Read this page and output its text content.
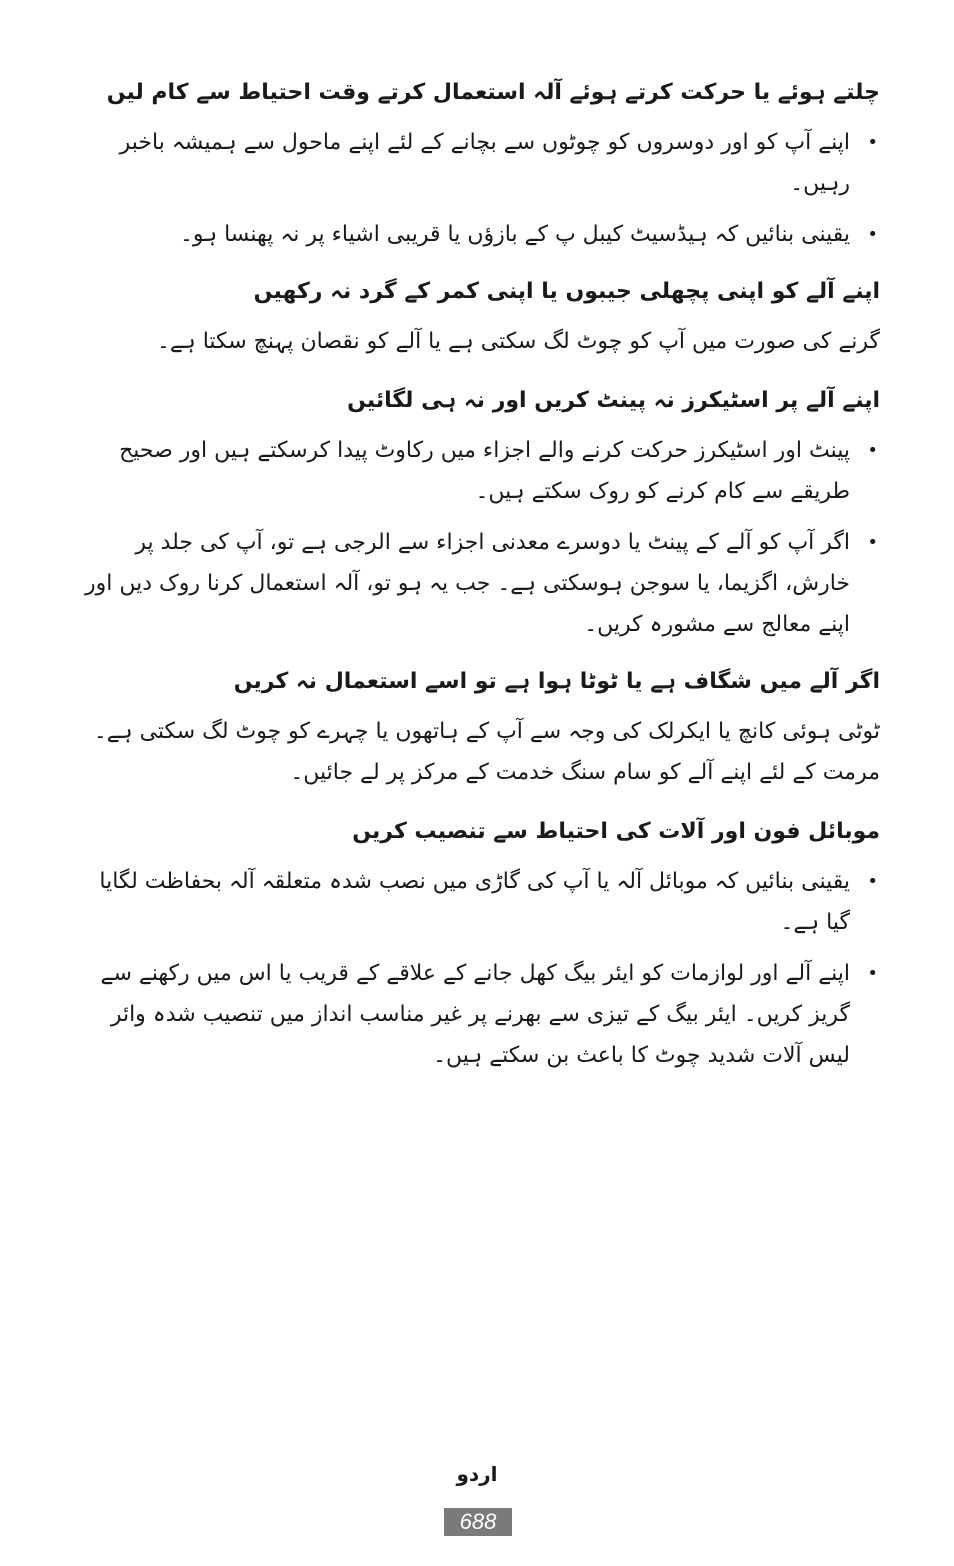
چلتے ہوئے یا حرکت کرتے ہوئے آلہ استعمال کرتے وقت احتیاط سے کام لیں
•
اپنے آپ کو اور دوسروں کو چوٹوں سے بچانے کے لئے اپنے ماحول سے ہمیشہ باخبر رہیں۔
•
یقینی بنائیں کہ ہیڈسیٹ کیبل پ کے بازؤں یا قریبی اشیاء پر نہ پھنسا ہو۔
اپنے آلے کو اپنی پچھلی جیبوں یا اپنی کمر کے گرد نہ رکھیں

گرنے کی صورت میں آپ کو چوٹ لگ سکتی ہے یا آلے کو نقصان پہنچ سکتا ہے۔

اپنے آلے پر اسٹیکرز نہ پینٹ کریں اور نہ ہی لگائیں
•
پینٹ اور اسٹیکرز حرکت کرنے والے اجزاء میں رکاوٹ پیدا کرسکتے ہیں اور صحیح طریقے سے کام کرنے کو روک سکتے ہیں۔
•
اگر آپ کو آلے کے پینٹ یا دوسرے معدنی اجزاء سے الرجی ہے تو، آپ کی جلد پر خارش، اگزیما، یا سوجن ہوسکتی ہے۔ جب یہ ہو تو، آلہ استعمال کرنا روک دیں اور اپنے معالج سے مشورہ کریں۔
اگر آلے میں شگاف ہے یا ٹوٹا ہوا ہے تو اسے استعمال نہ کریں

ٹوٹی ہوئی کانچ یا ایکرلک کی وجہ سے آپ کے ہاتھوں یا چہرے کو چوٹ لگ سکتی ہے۔ مرمت کے لئے اپنے آلے کو سام سنگ خدمت کے مرکز پر لے جائیں۔

موبائل فون اور آلات کی احتیاط سے تنصیب کریں
•
یقینی بنائیں کہ موبائل آلہ یا آپ کی گاڑی میں نصب شدہ متعلقہ آلہ بحفاظت لگایا گیا ہے۔
•
اپنے آلے اور لوازمات کو ایئر بیگ کھل جانے کے علاقے کے قریب یا اس میں رکھنے سے گریز کریں۔ ایئر بیگ کے تیزی سے بھرنے پر غیر مناسب انداز میں تنصیب شدہ وائر لیس آلات شدید چوٹ کا باعث بن سکتے ہیں۔
اردو
688
